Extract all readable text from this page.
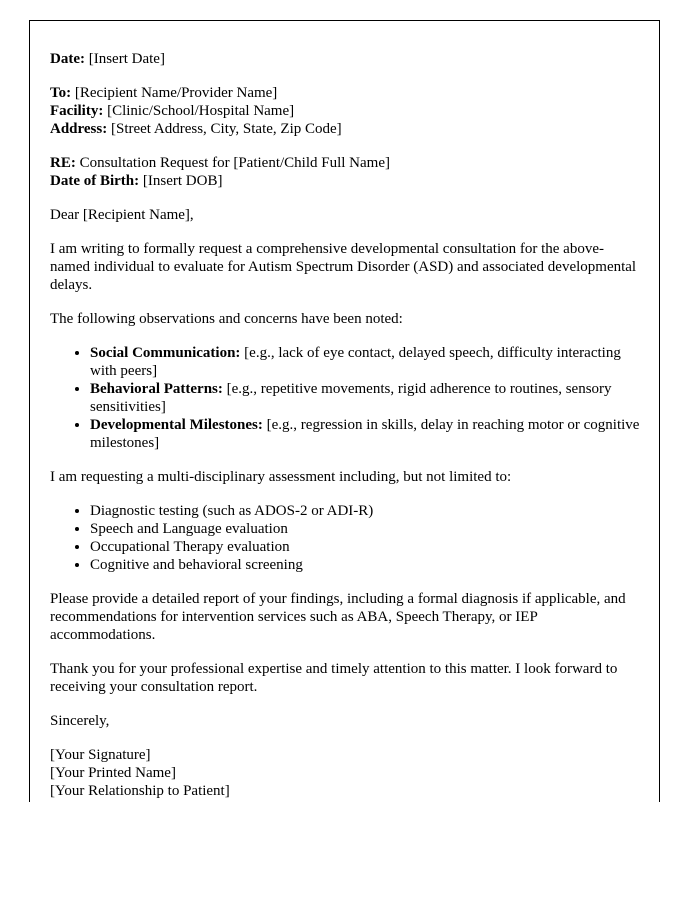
Date: [Insert Date]

To: [Recipient Name/Provider Name]
Facility: [Clinic/School/Hospital Name]
Address: [Street Address, City, State, Zip Code]

RE: Consultation Request for [Patient/Child Full Name]
Date of Birth: [Insert DOB]

Dear [Recipient Name],

I am writing to formally request a comprehensive developmental consultation for the above-named individual to evaluate for Autism Spectrum Disorder (ASD) and associated developmental delays.

The following observations and concerns have been noted:

• Social Communication: [e.g., lack of eye contact, delayed speech, difficulty interacting with peers]
• Behavioral Patterns: [e.g., repetitive movements, rigid adherence to routines, sensory sensitivities]
• Developmental Milestones: [e.g., regression in skills, delay in reaching motor or cognitive milestones]

I am requesting a multi-disciplinary assessment including, but not limited to:

• Diagnostic testing (such as ADOS-2 or ADI-R)
• Speech and Language evaluation
• Occupational Therapy evaluation
• Cognitive and behavioral screening

Please provide a detailed report of your findings, including a formal diagnosis if applicable, and recommendations for intervention services such as ABA, Speech Therapy, or IEP accommodations.

Thank you for your professional expertise and timely attention to this matter. I look forward to receiving your consultation report.

Sincerely,

[Your Signature]
[Your Printed Name]
[Your Relationship to Patient]
